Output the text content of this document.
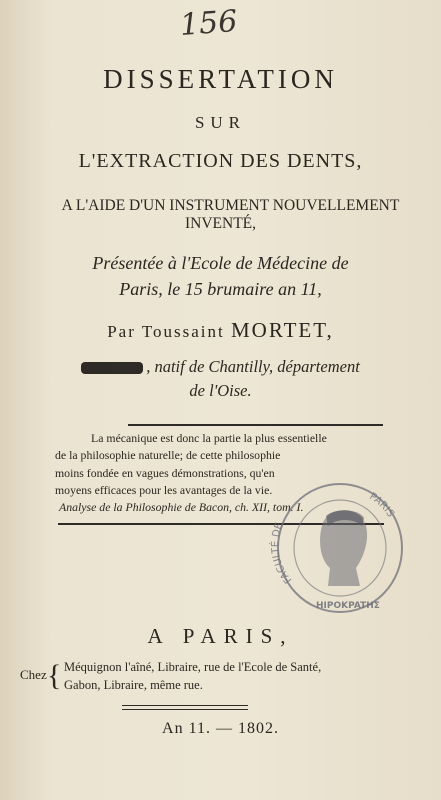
156
DISSERTATION
SUR
L'EXTRACTION DES DENTS,
A L'AIDE D'UN INSTRUMENT NOUVELLEMENT
INVENTÉ,
Présentée à l'Ecole de Médecine de
Paris, le 15 brumaire an 11,
Par Toussaint MORTET,
, natif de Chantilly, département
de l'Oise.
La mécanique est donc la partie la plus essentielle
de la philosophie naturelle; de cette philosophie
moins fondée en vagues démonstrations, qu'en
moyens efficaces pour les avantages de la vie.
Analyse de la Philosophie de Bacon, ch. XII, tom. I.
FACULTÉ DE
PARIS
HIPOKPATHΣ
A PARIS,
Chez { Méquignon l'aîné, Libraire, rue de l'Ecole de Santé,
Gabon, Libraire, même rue.
An 11. — 1802.
